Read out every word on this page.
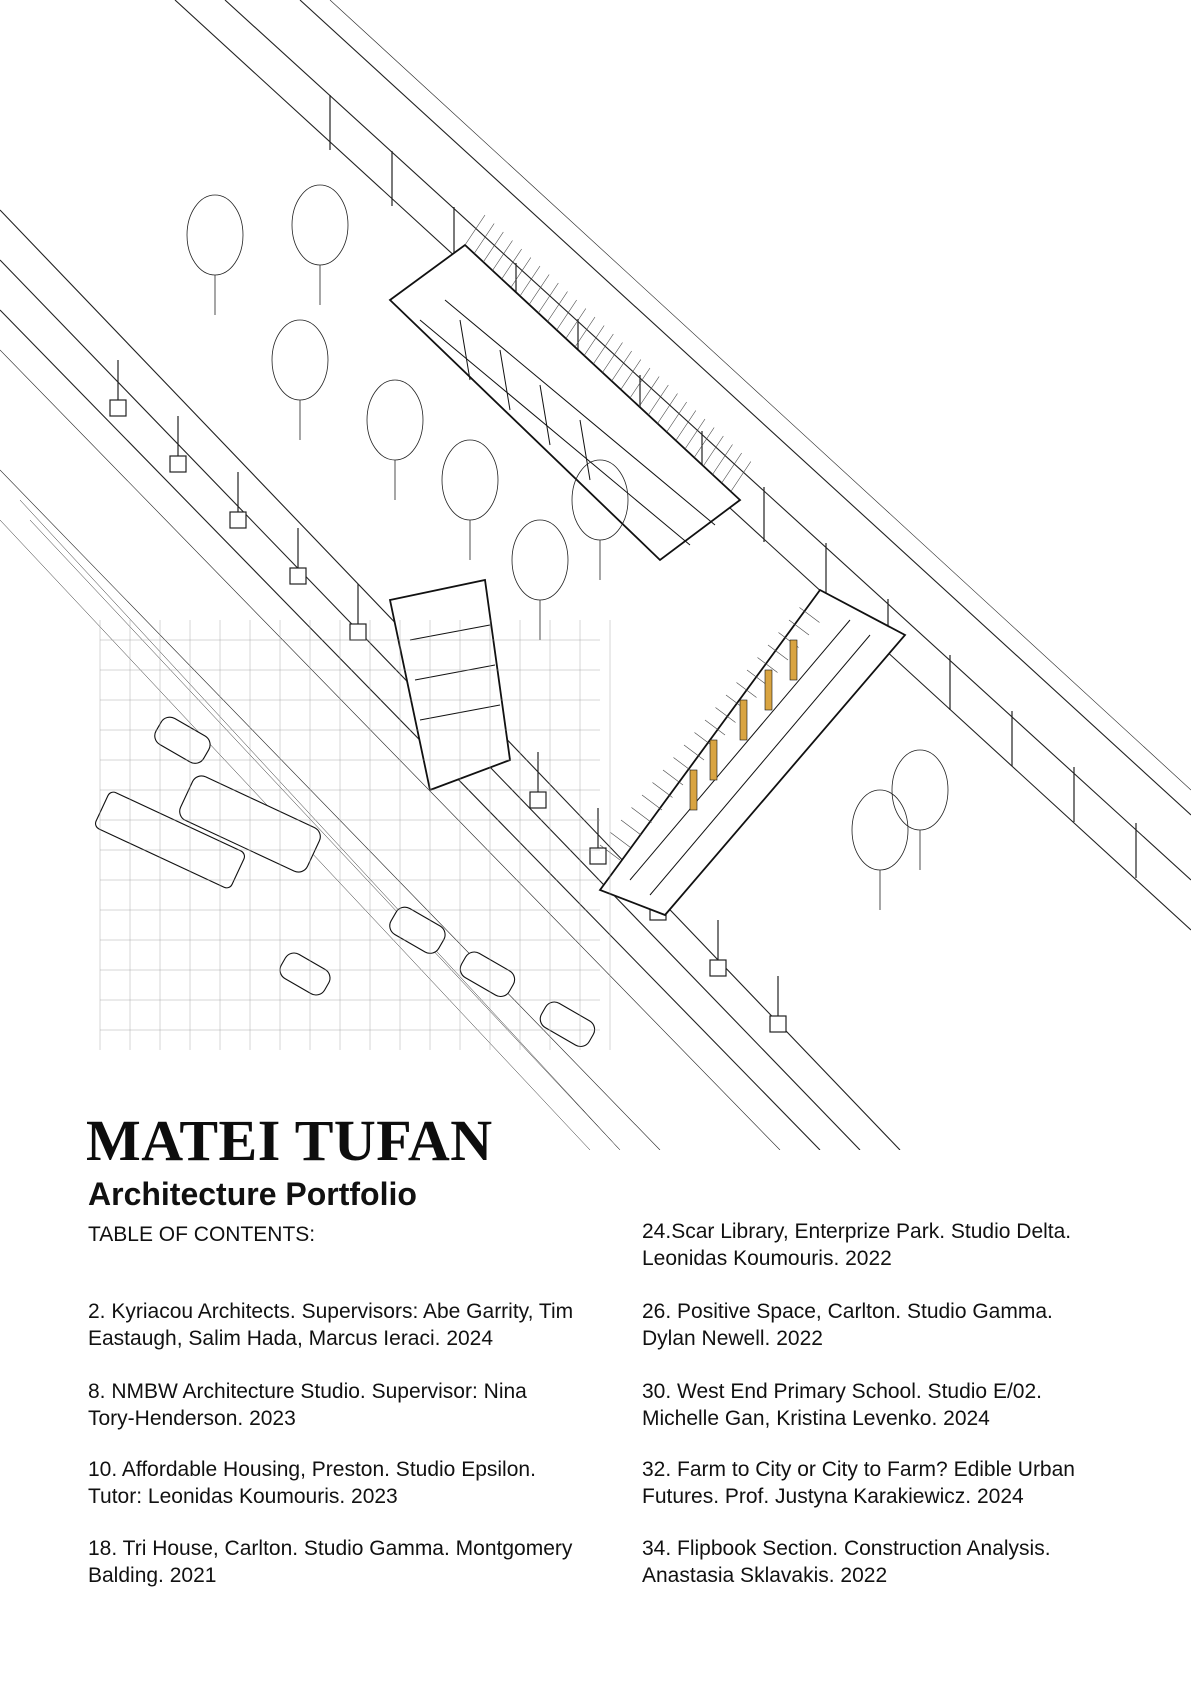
MATEI TUFAN
Architecture Portfolio

TABLE OF CONTENTS:

2. Kyriacou Architects. Supervisors: Abe Garrity, Tim
Eastaugh, Salim Hada, Marcus Ieraci. 2024
8. NMBW Architecture Studio. Supervisor: Nina
Tory-Henderson. 2023
10. Affordable Housing, Preston. Studio Epsilon.
Tutor: Leonidas Koumouris. 2023
18. Tri House, Carlton. Studio Gamma. Montgomery
Balding. 2021
24.Scar Library, Enterprize Park. Studio Delta.
Leonidas Koumouris. 2022
26. Positive Space, Carlton. Studio Gamma.
Dylan Newell. 2022
30. West End Primary School. Studio E/02.
Michelle Gan, Kristina Levenko. 2024
32. Farm to City or City to Farm? Edible Urban
Futures. Prof. Justyna Karakiewicz. 2024
34. Flipbook Section. Construction Analysis.
Anastasia Sklavakis. 2022
